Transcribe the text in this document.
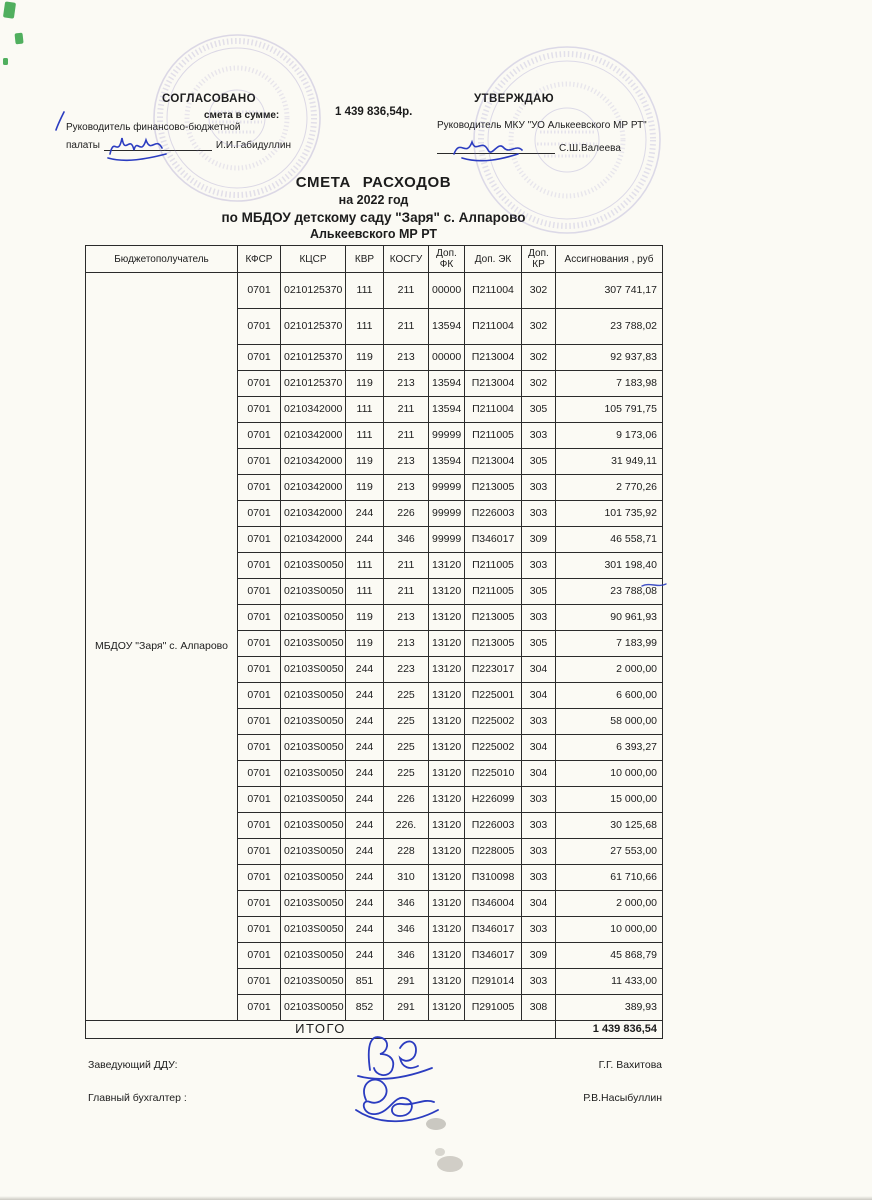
СОГЛАСОВАНО
смета в сумме:	1 439 836,54р.
УТВЕРЖДАЮ
Руководитель финансово-бюджетной
палаты	И.И.Габидуллин
Руководитель МКУ "УО Алькеевского МР РТ"
С.Ш.Валеева
СМЕТА РАСХОДОВ
на 2022 год
по МБДОУ детскому саду "Заря" с. Алпарово
Алькеевского МР РТ
Бюджетополучатель	КФСР	КЦСР	КВР	КОСГУ	Доп. ФК	Доп. ЭК	Доп. КР	Ассигнования , руб
МБДОУ "Заря" с. Алпарово	0701	0210125370	111	211	00000	П211004	302	307 741,17
	0701	0210125370	111	211	13594	П211004	302	23 788,02
	0701	0210125370	119	213	00000	П213004	302	92 937,83
	0701	0210125370	119	213	13594	П213004	302	7 183,98
	0701	0210342000	111	211	13594	П211004	305	105 791,75
	0701	0210342000	111	211	99999	П211005	303	9 173,06
	0701	0210342000	119	213	13594	П213004	305	31 949,11
	0701	0210342000	119	213	99999	П213005	303	2 770,26
	0701	0210342000	244	226	99999	П226003	303	101 735,92
	0701	0210342000	244	346	99999	П346017	309	46 558,71
	0701	02103S0050	111	211	13120	П211005	303	301 198,40
	0701	02103S0050	111	211	13120	П211005	305	23 788,08
	0701	02103S0050	119	213	13120	П213005	303	90 961,93
	0701	02103S0050	119	213	13120	П213005	305	7 183,99
	0701	02103S0050	244	223	13120	П223017	304	2 000,00
	0701	02103S0050	244	225	13120	П225001	304	6 600,00
	0701	02103S0050	244	225	13120	П225002	303	58 000,00
	0701	02103S0050	244	225	13120	П225002	304	6 393,27
	0701	02103S0050	244	225	13120	П225010	304	10 000,00
	0701	02103S0050	244	226	13120	Н226099	303	15 000,00
	0701	02103S0050	244	226.	13120	П226003	303	30 125,68
	0701	02103S0050	244	228	13120	П228005	303	27 553,00
	0701	02103S0050	244	310	13120	П310098	303	61 710,66
	0701	02103S0050	244	346	13120	П346004	304	2 000,00
	0701	02103S0050	244	346	13120	П346017	303	10 000,00
	0701	02103S0050	244	346	13120	П346017	309	45 868,79
	0701	02103S0050	851	291	13120	П291014	303	11 433,00
	0701	02103S0050	852	291	13120	П291005	308	389,93
ИТОГО								1 439 836,54
Заведующий ДДУ:	Г.Г. Вахитова
Главный бухгалтер :	Р.В.Насыбуллин
